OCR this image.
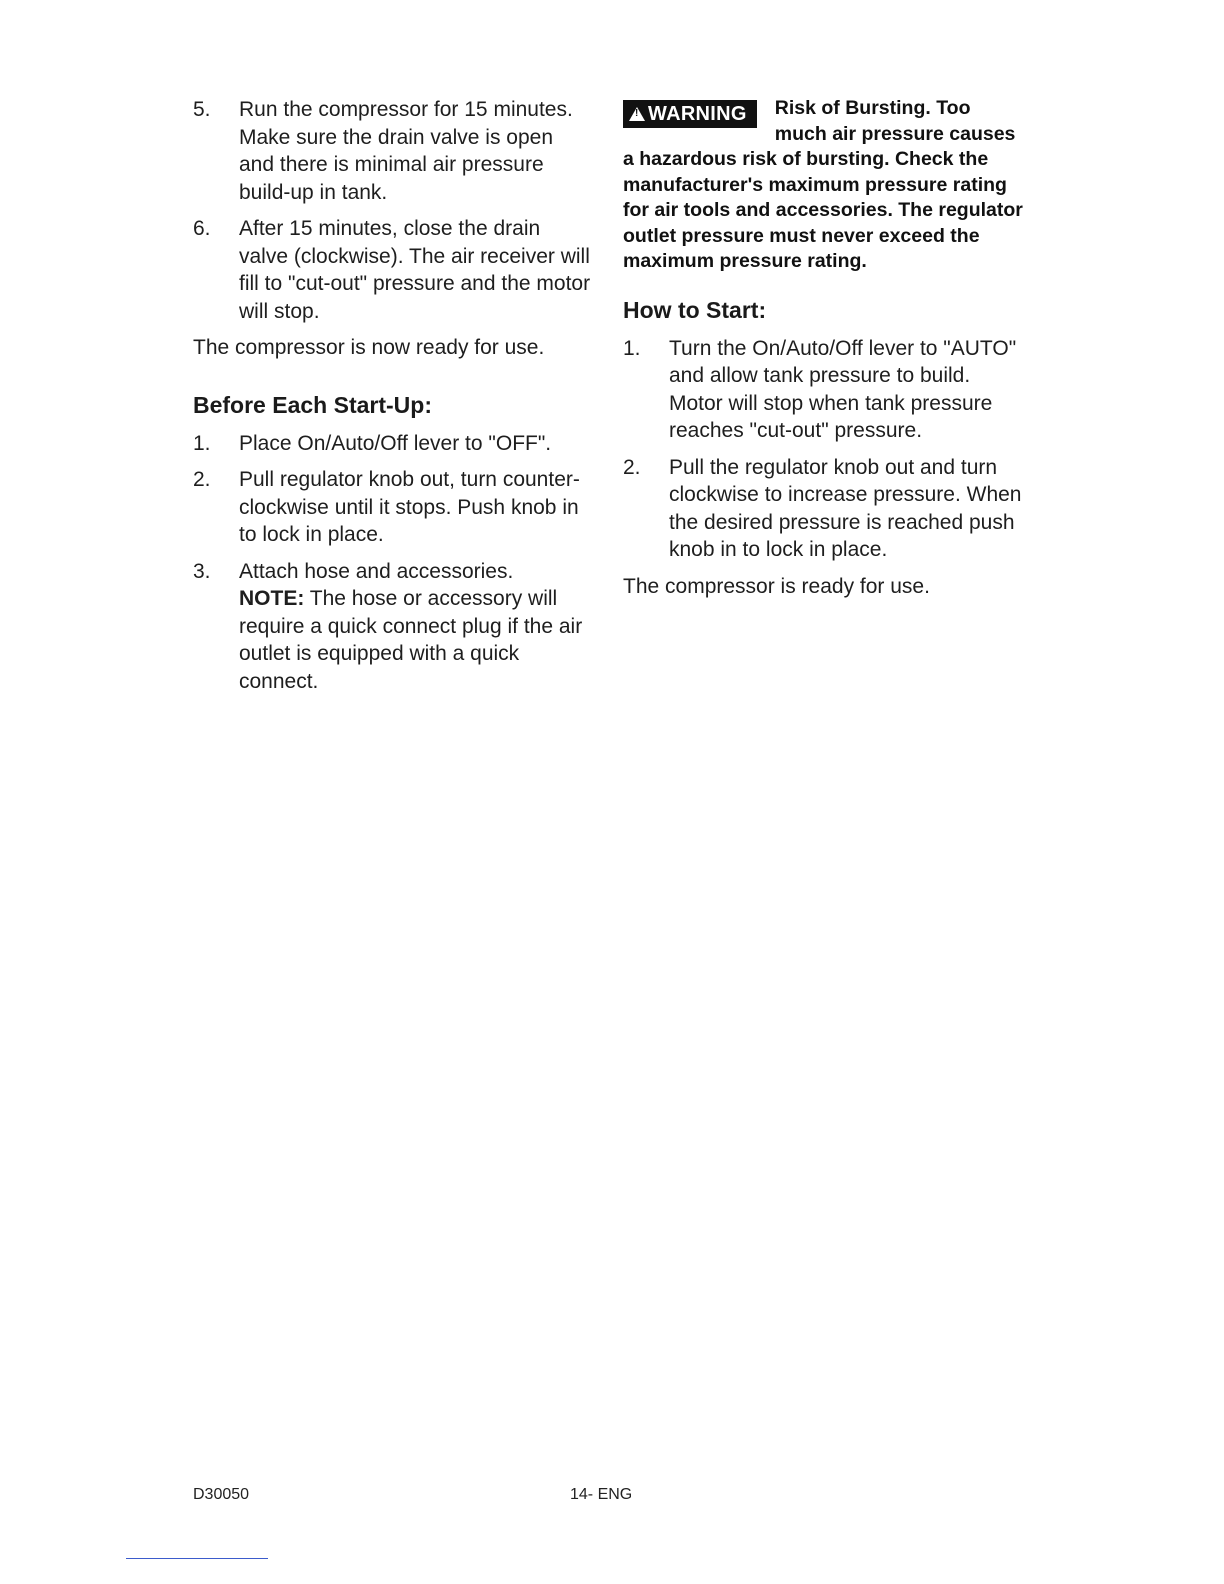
5. Run the compressor for 15 minutes. Make sure the drain valve is open and there is minimal air pressure build-up in tank.
6. After 15 minutes, close the drain valve (clockwise). The air receiver will fill to "cut-out" pressure and the motor will stop.

The compressor is now ready for use.

Before Each Start-Up:
1. Place On/Auto/Off lever to "OFF".
2. Pull regulator knob out, turn counter-clockwise until it stops. Push knob in to lock in place.
3. Attach hose and accessories.
NOTE: The hose or accessory will require a quick connect plug if the air outlet is equipped with a quick connect.
!
WARNING Risk of Bursting. Too much air pressure causes a hazardous risk of bursting. Check the manufacturer's maximum pressure rating for air tools and accessories. The regulator outlet pressure must never exceed the maximum pressure rating.
How to Start:
1. Turn the On/Auto/Off lever to "AUTO" and allow tank pressure to build. Motor will stop when tank pressure reaches "cut-out" pressure.
2. Pull the regulator knob out and turn clockwise to increase pressure. When the desired pressure is reached push knob in to lock in place.

The compressor is ready for use.

D30050	14- ENG
